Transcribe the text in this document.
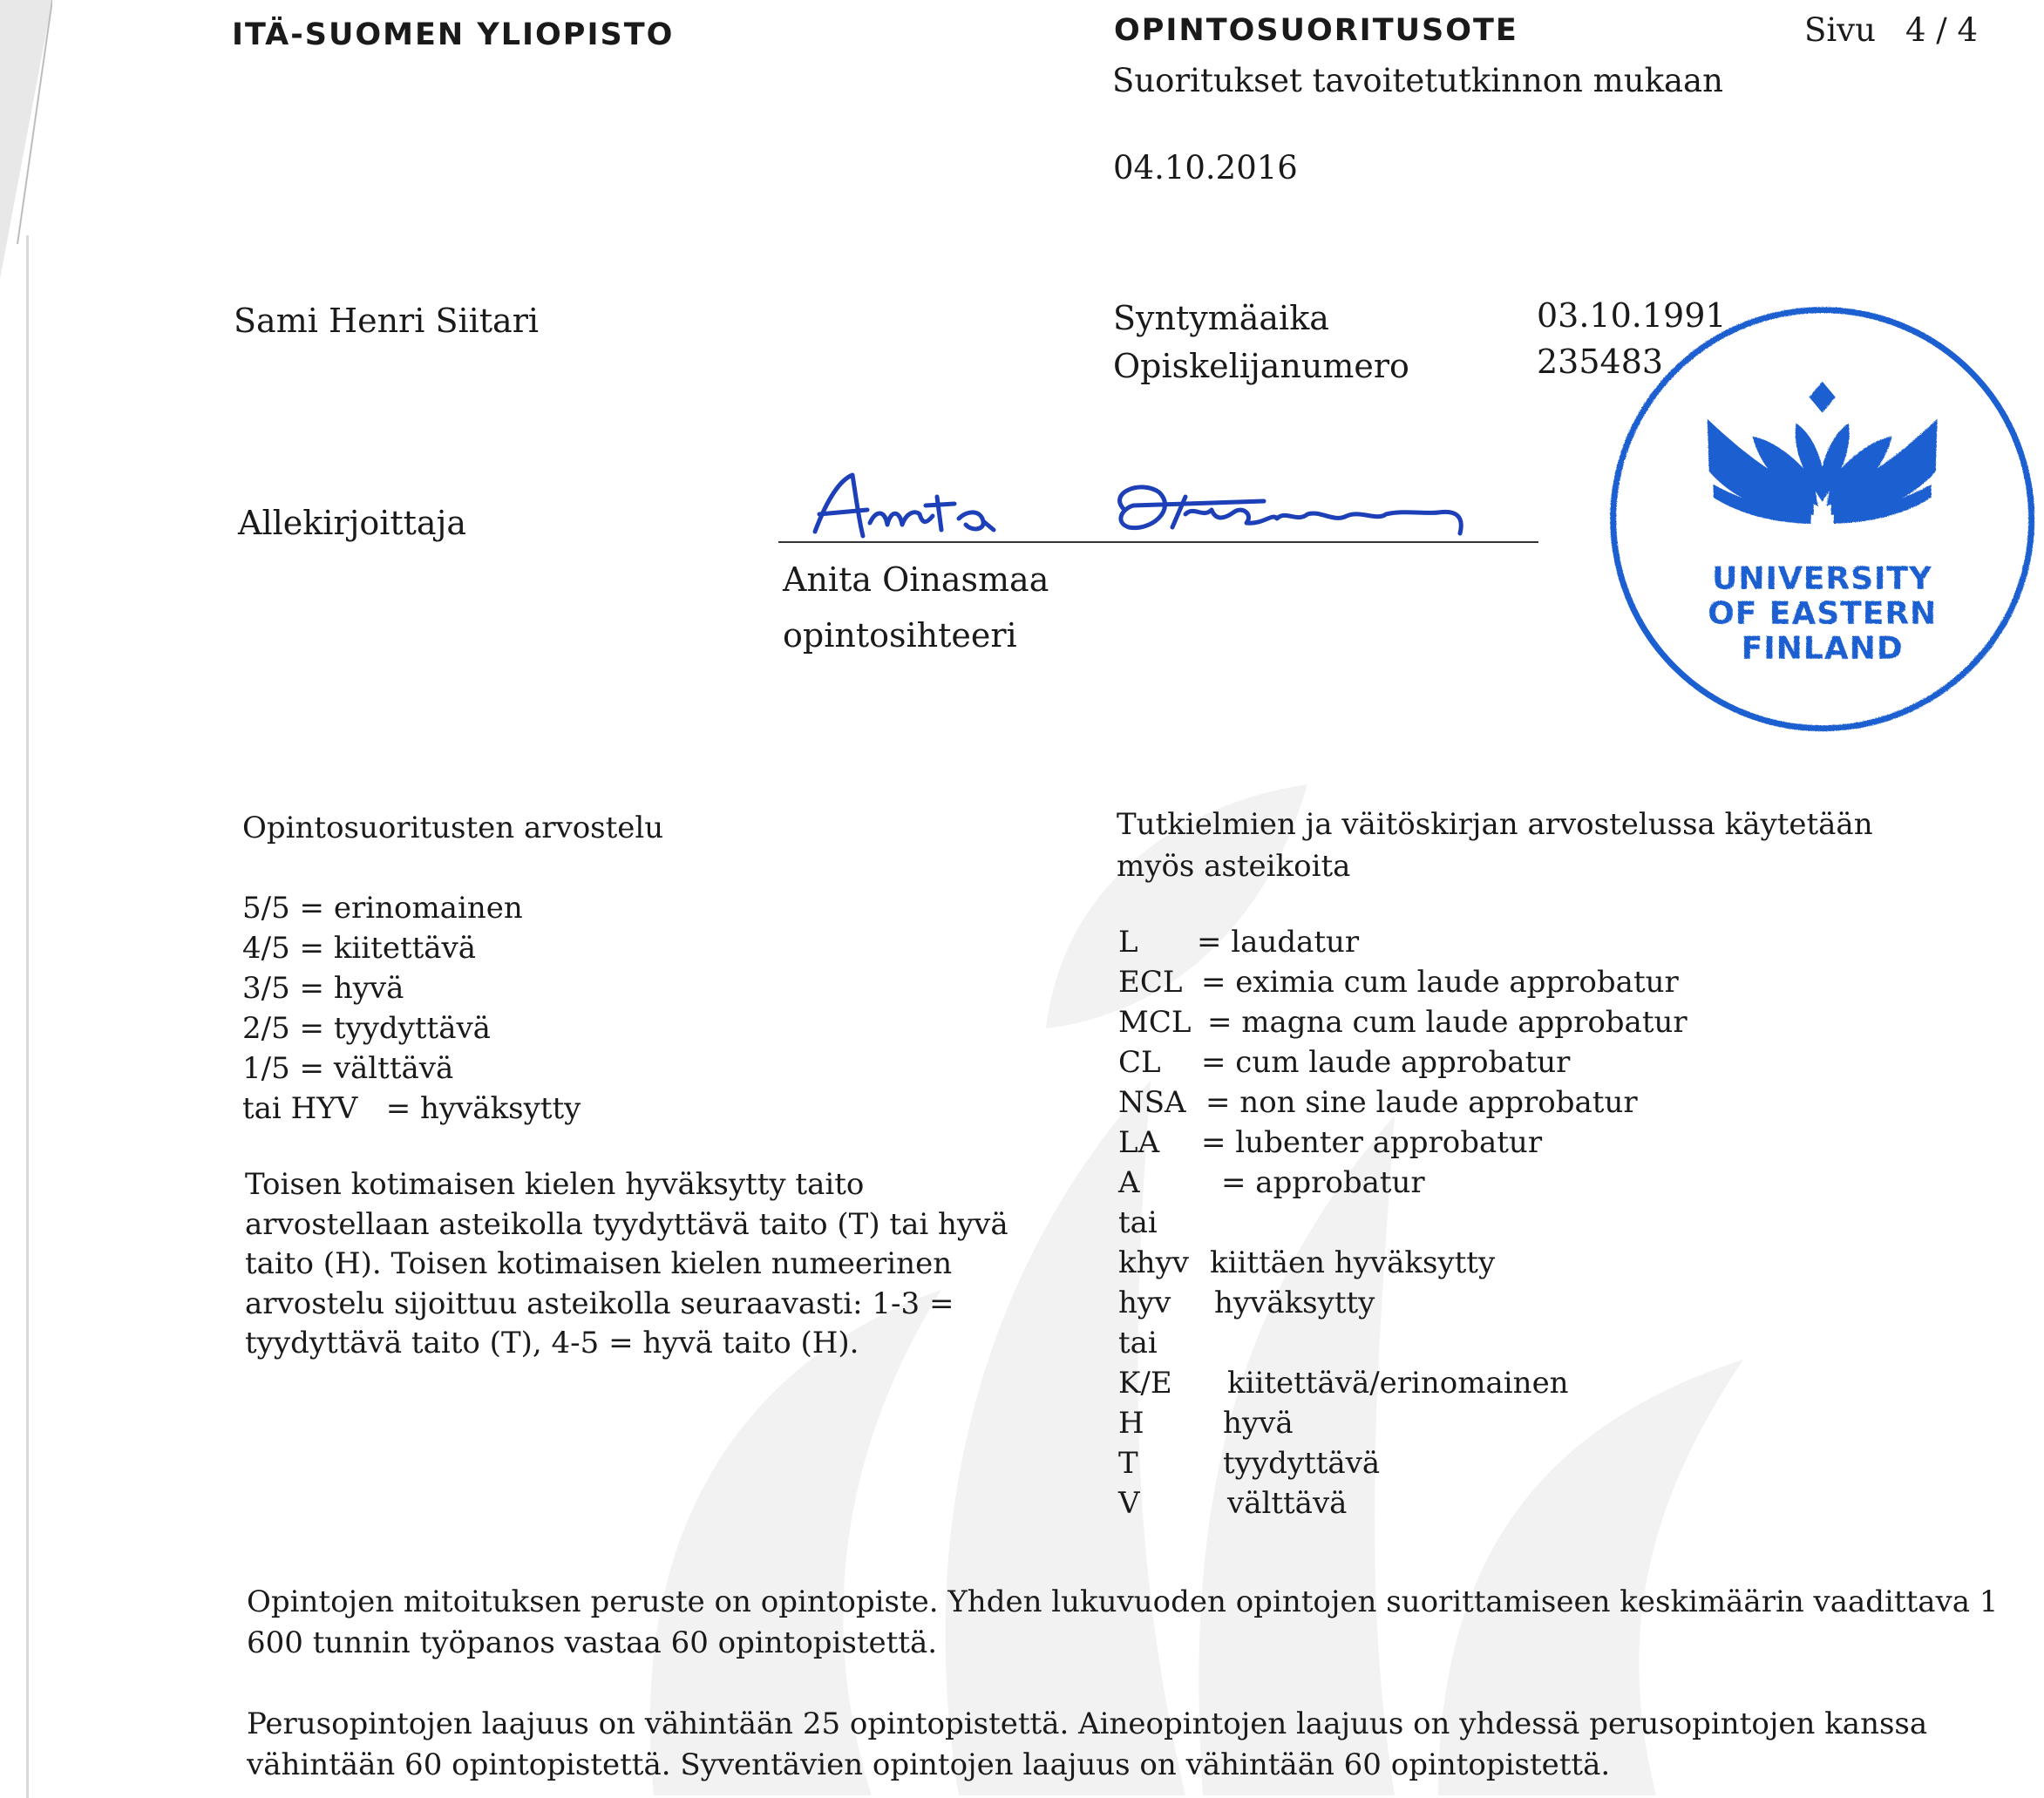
ITÄ-SUOMEN YLIOPISTO	OPINTOSUORITUSOTE	Sivu 4 / 4
Suoritukset tavoitetutkinnon mukaan
04.10.2016
Sami Henri Siitari	Syntymäaika	03.10.1991
Opiskelijanumero	235483
Allekirjoittaja
Anita Oinasmaa
opintosihteeri
UNIVERSITY
OF EASTERN
FINLAND
Opintosuoritusten arvostelu
5/5 = erinomainen
4/5 = kiitettävä
3/5 = hyvä
2/5 = tyydyttävä
1/5 = välttävä
tai HYV   = hyväksytty
Toisen kotimaisen kielen hyväksytty taito arvostellaan asteikolla tyydyttävä taito (T) tai hyvä taito (H). Toisen kotimaisen kielen numeerinen arvostelu sijoittuu asteikolla seuraavasti: 1-3 = tyydyttävä taito (T), 4-5 = hyvä taito (H).
Tutkielmien ja väitöskirjan arvostelussa käytetään myös asteikoita
L = laudatur
ECL = eximia cum laude approbatur
MCL = magna cum laude approbatur
CL = cum laude approbatur
NSA = non sine laude approbatur
LA = lubenter approbatur
A	= approbatur
tai
khyv kiittäen hyväksytty
hyv hyväksytty
tai
K/E kiitettävä/erinomainen
H	hyvä
T	tyydyttävä
V	välttävä
Opintojen mitoituksen peruste on opintopiste. Yhden lukuvuoden opintojen suorittamiseen keskimäärin vaadittava 1 600 tunnin työpanos vastaa 60 opintopistettä.
Perusopintojen laajuus on vähintään 25 opintopistettä. Aineopintojen laajuus on yhdessä perusopintojen kanssa vähintään 60 opintopistettä. Syventävien opintojen laajuus on vähintään 60 opintopistettä.
